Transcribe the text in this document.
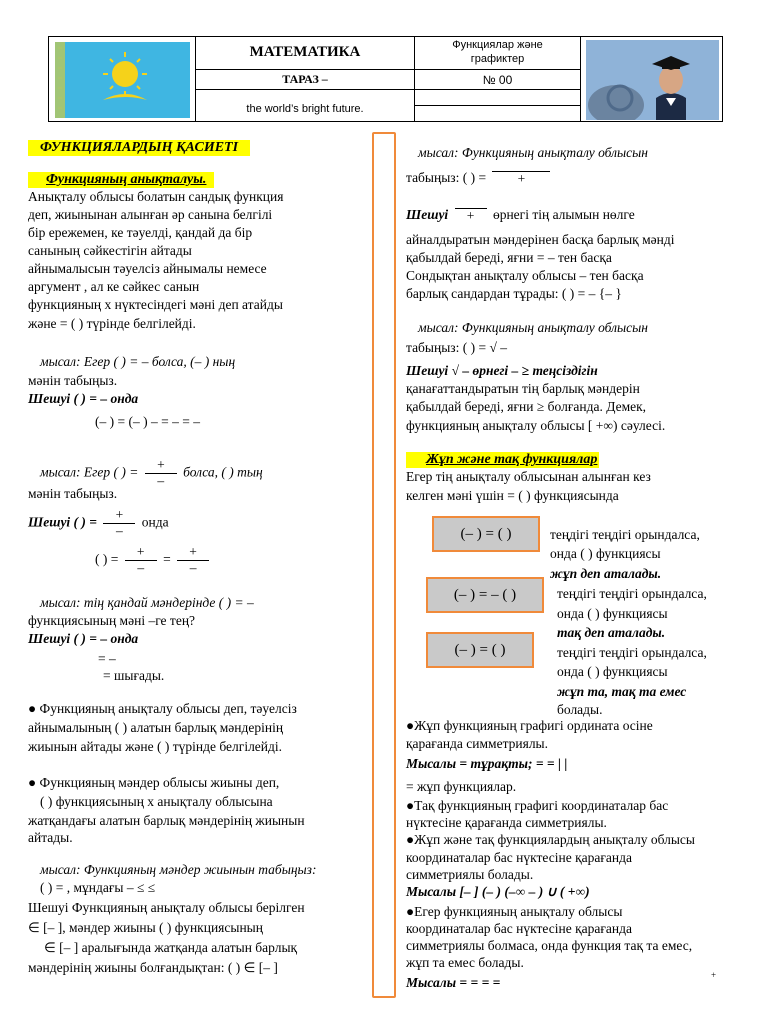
МАТЕМАТИКА	Функциялар және графиктер
ТАРАЗ –	№ 00
the world’s bright future.
ФУНКЦИЯЛАРДЫҢ ҚАСИЕТІ
Функцияның анықталуы.
Анықталу облысы болатын сандық функция
деп, жиынынан алынған әр санына белгілі
бір ережемен, ке тәуелді, қандай да бір
санының сәйкестігін айтады
айнымалысын тәуелсіз айнымалы немесе
аргумент , ал ке сәйкес санын
функцияның x нүктесіндегі мәні деп атайды
және = ( ) түрінде белгілейді.
мысал: Егер ( ) = – болса, (– ) ның
мәнін табыңыз.
Шешуі ( ) = – онда
(– ) = (– ) – = – = –
мысал: Егер ( ) = $\frac{+}{-}$ болса, ( ) тың
мәнін табыңыз.
Шешуі ( ) = $\frac{+}{-}$ онда
( ) = $\frac{+}{-} = \frac{+}{-}$
мысал: тің қандай мәндерінде ( ) = –
функциясының мәні –ге тең?
Шешуі ( ) = – онда
= –
= шығады.
● Функцияның анықталу облысы деп, тәуелсіз
айнымалының ( ) алатын барлық мәндерінің
жиынын айтады және ( ) түрінде белгілейді.
● Функцияның мәндер облысы жиыны деп,
( ) функциясының x анықталу облысына
жатқандағы алатын барлық мәндерінің жиынын
айтады.
мысал: Функцияның мәндер жиынын табыңыз:
( ) = , мұндағы – ≤ ≤
Шешуі Функцияның анықталу облысы берілген
∈ [– ], мәндер жиыны ( ) функциясының
∈ [– ] аралығында жатқанда алатын барлық
мәндерінің жиыны болғандықтан: ( ) ∈ [– ]
мысал: Функцияның анықталу облысын
табыңыз: ( ) =	+
Шешуі	+	өрнегі тің алымын нөлге
айналдыратын мәндерінен басқа барлық мәнді
қабылдай береді, яғни = – тен басқа
Сондықтан анықталу облысы – тен басқа
барлық сандардан тұрады: ( ) = – {– }
мысал: Функцияның анықталу облысын
табыңыз: ( ) = √ –
Шешуі √ – өрнегі – ≥ теңсіздігін
қанағаттандыратын тің барлық мәндерін
қабылдай береді, яғни ≥ болғанда. Демек,
функцияның анықталу облысы [ +∞) сәулесі.
Жұп және тақ функциялар
Егер тің анықталу облысынан алынған кез
келген мәні үшін = ( ) функциясында
(– ) = ( )	теңдігі теңдігі орындалса,
онда ( ) функциясы
жұп деп аталады.
(– ) = – ( )	теңдігі теңдігі орындалса,
онда ( ) функциясы
тақ деп аталады.
(– ) = ( )	теңдігі теңдігі орындалса,
онда ( ) функциясы
жұп та, тақ та емес
болады.
●Жұп функцияның графигі ордината осіне
қарағанда симметриялы.
Мысалы = тұрақты; = = | |
= жұп функциялар.
●Тақ функцияның графигі координаталар бас
нүктесіне қарағанда симметриялы.
●Жұп және тақ функциялардың анықталу облысы
координаталар бас нүктесіне қарағанда
симметриялы болады.
Мысалы [– ] (– ) (–∞ – ) ∪ ( +∞)
●Егер функцияның анықталу облысы
координаталар бас нүктесіне қарағанда
симметриялы болмаса, онда функция тақ та емес,
жұп та емес болады.
Мысалы = = = =	+
